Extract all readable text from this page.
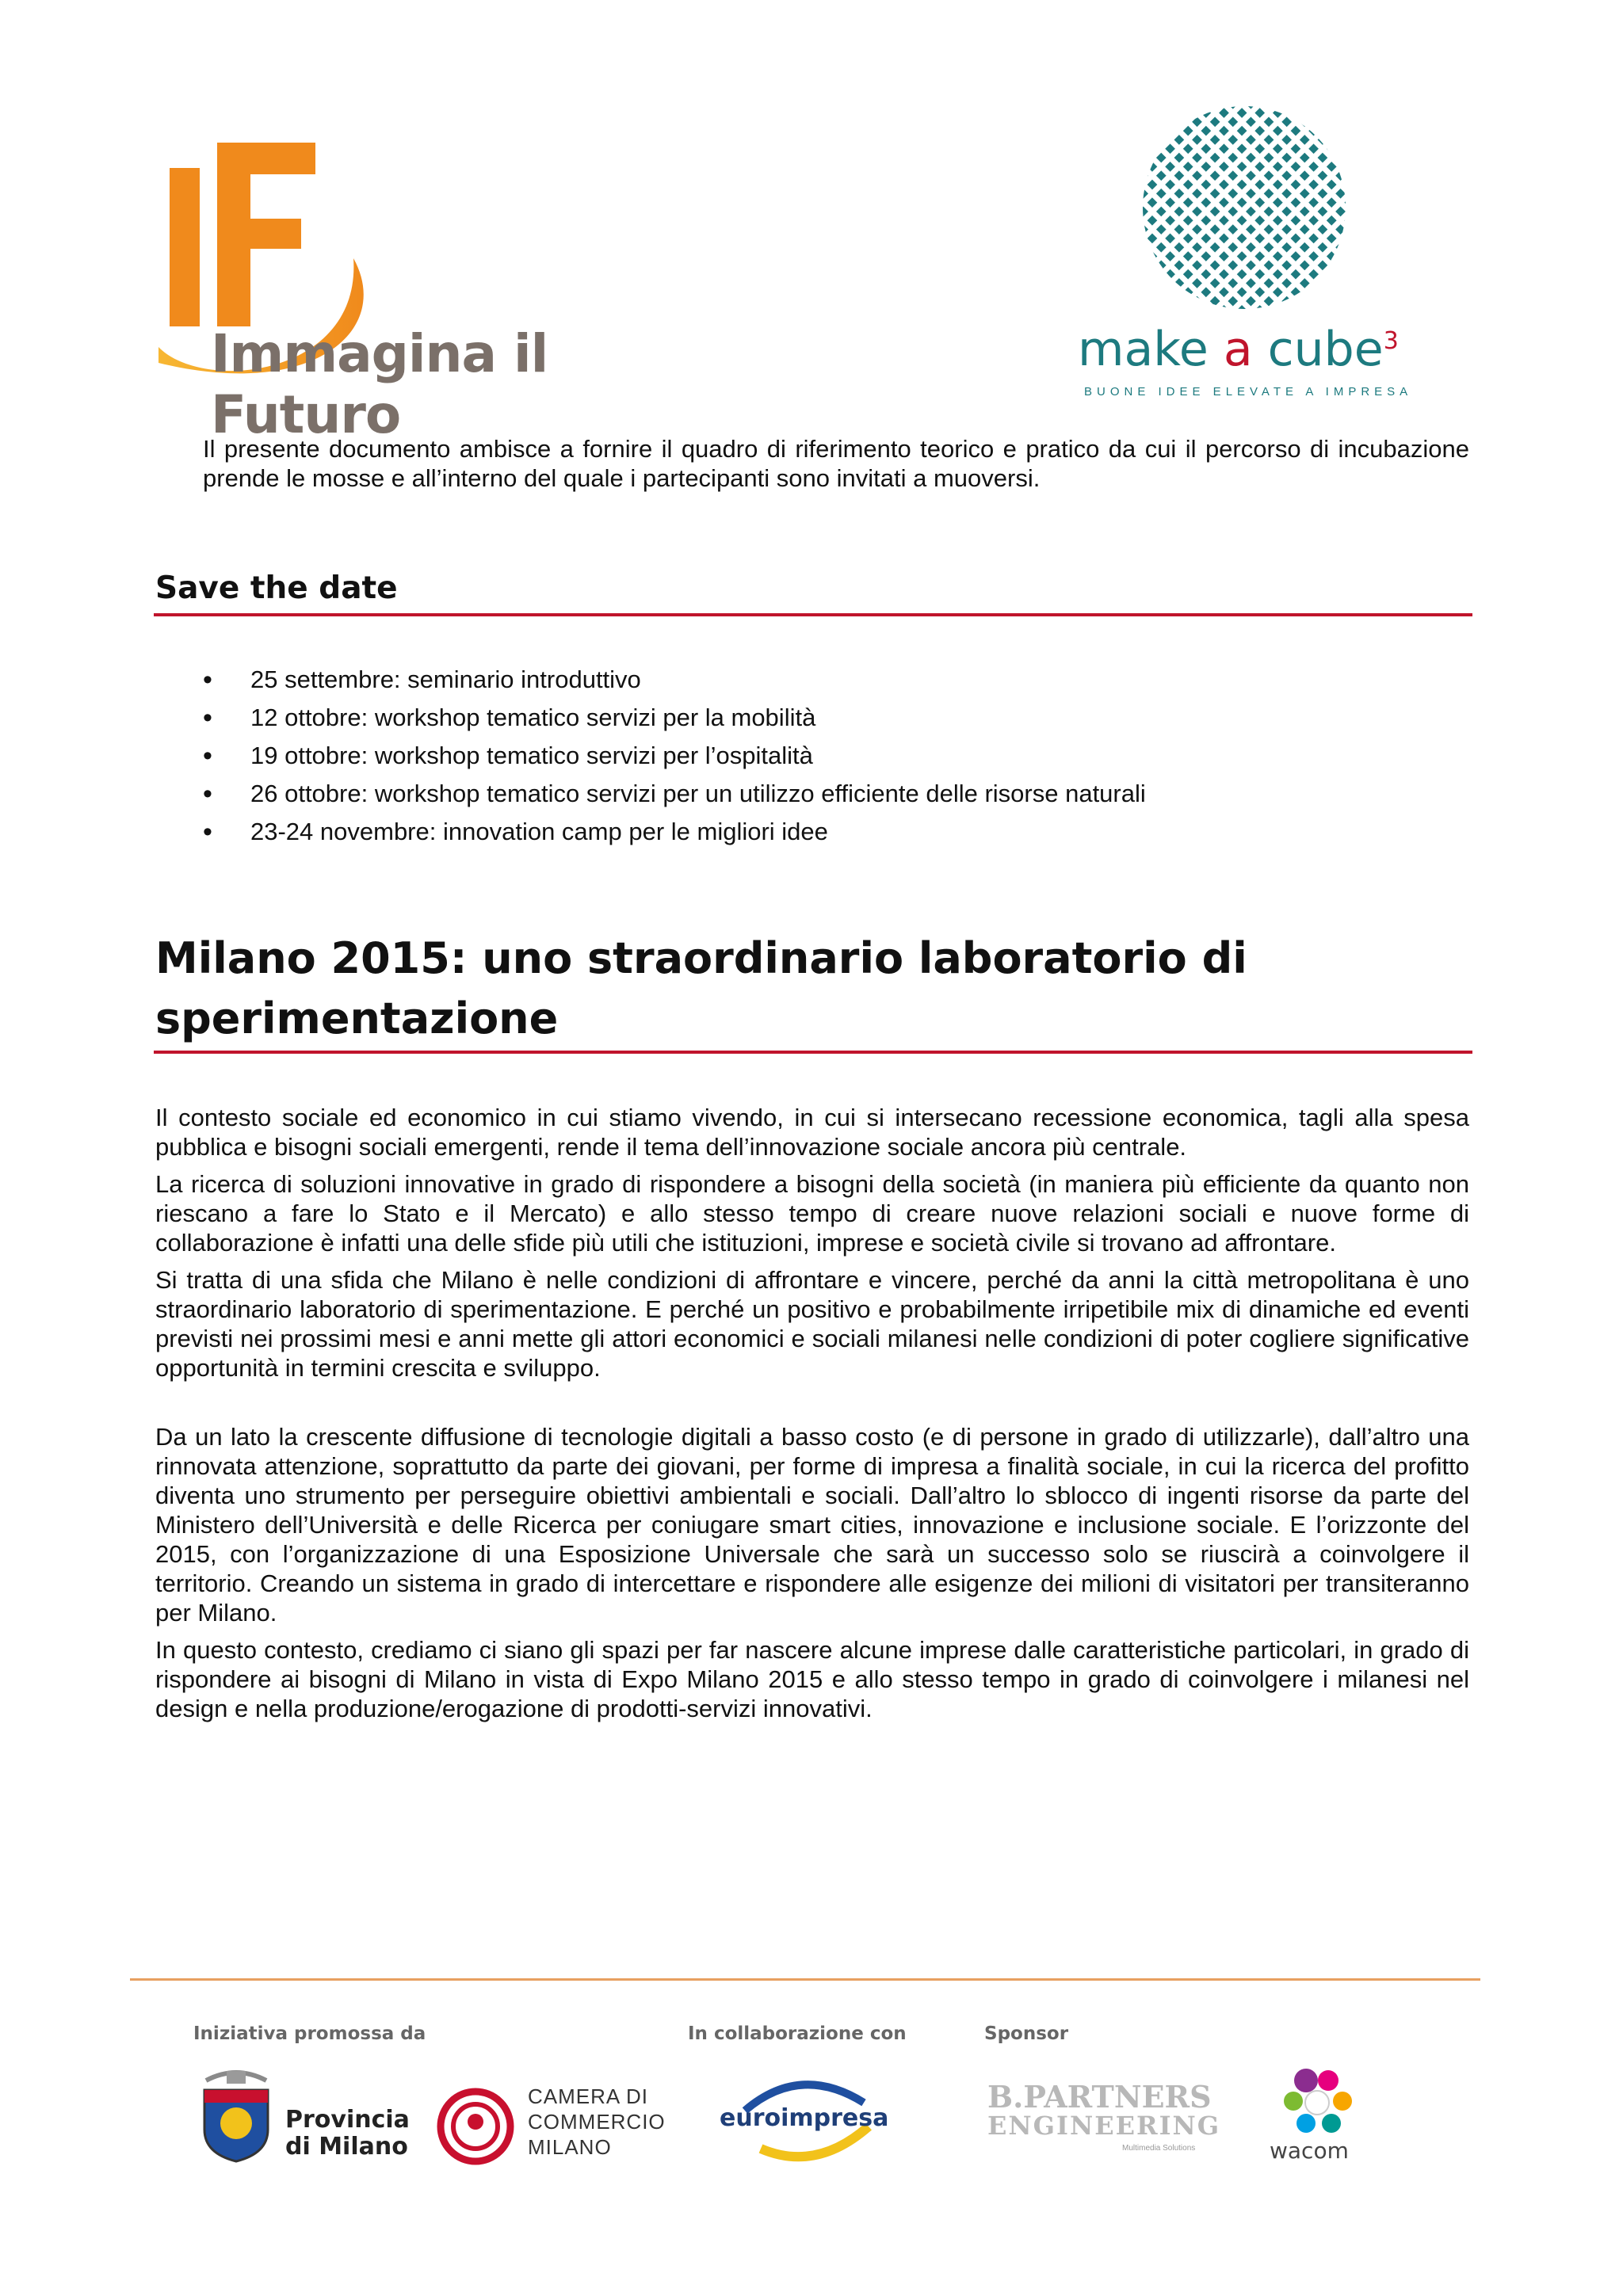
Immagina il Futuro
make a cube$^3$
BUONE IDEE ELEVATE A IMPRESA

Il presente documento ambisce a fornire il quadro di riferimento teorico e pratico da cui il percorso di incubazione prende le mosse e all’interno del quale i partecipanti sono invitati a muoversi.

Save the date
• 25 settembre: seminario introduttivo
• 12 ottobre: workshop tematico servizi per la mobilità
• 19 ottobre: workshop tematico servizi per l’ospitalità
• 26 ottobre: workshop tematico servizi per un utilizzo efficiente delle risorse naturali
• 23-24 novembre: innovation camp per le migliori idee
Milano 2015: uno straordinario laboratorio di
sperimentazione

Il contesto sociale ed economico in cui stiamo vivendo, in cui si intersecano recessione economica, tagli alla spesa pubblica e bisogni sociali emergenti, rende il tema dell’innovazione sociale ancora più centrale.

La ricerca di soluzioni innovative in grado di rispondere a bisogni della società (in maniera più efficiente da quanto non riescano a fare lo Stato e il Mercato) e allo stesso tempo di creare nuove relazioni sociali e nuove forme di collaborazione è infatti una delle sfide più utili che istituzioni, imprese e società civile si trovano ad affrontare.

Si tratta di una sfida che Milano è nelle condizioni di affrontare e vincere, perché da anni la città metropolitana è uno straordinario laboratorio di sperimentazione. E perché un positivo e probabilmente irripetibile mix di dinamiche ed eventi previsti nei prossimi mesi e anni mette gli attori economici e sociali milanesi nelle condizioni di poter cogliere significative opportunità in termini crescita e sviluppo.

Da un lato la crescente diffusione di tecnologie digitali a basso costo (e di persone in grado di utilizzarle), dall’altro una rinnovata attenzione, soprattutto da parte dei giovani, per forme di impresa a finalità sociale, in cui la ricerca del profitto diventa uno strumento per perseguire obiettivi ambientali e sociali. Dall’altro lo sblocco di ingenti risorse da parte del Ministero dell’Università e delle Ricerca per coniugare smart cities, innovazione e inclusione sociale. E l’orizzonte del 2015, con l’organizzazione di una Esposizione Universale che sarà un successo solo se riuscirà a coinvolgere il territorio. Creando un sistema in grado di intercettare e rispondere alle esigenze dei milioni di visitatori per transiteranno per Milano.

In questo contesto, crediamo ci siano gli spazi per far nascere alcune imprese dalle caratteristiche particolari, in grado di rispondere ai bisogni di Milano in vista di Expo Milano 2015 e allo stesso tempo in grado di coinvolgere i milanesi nel design e nella produzione/erogazione di prodotti-servizi innovativi.

Iniziativa promossa da	In collaborazione con	Sponsor
Provincia
di Milano
CAMERA DI
COMMERCIO
MILANO
euroimpresa
B.PARTNERS
ENGINEERING
Multimedia Solutions	wacom
